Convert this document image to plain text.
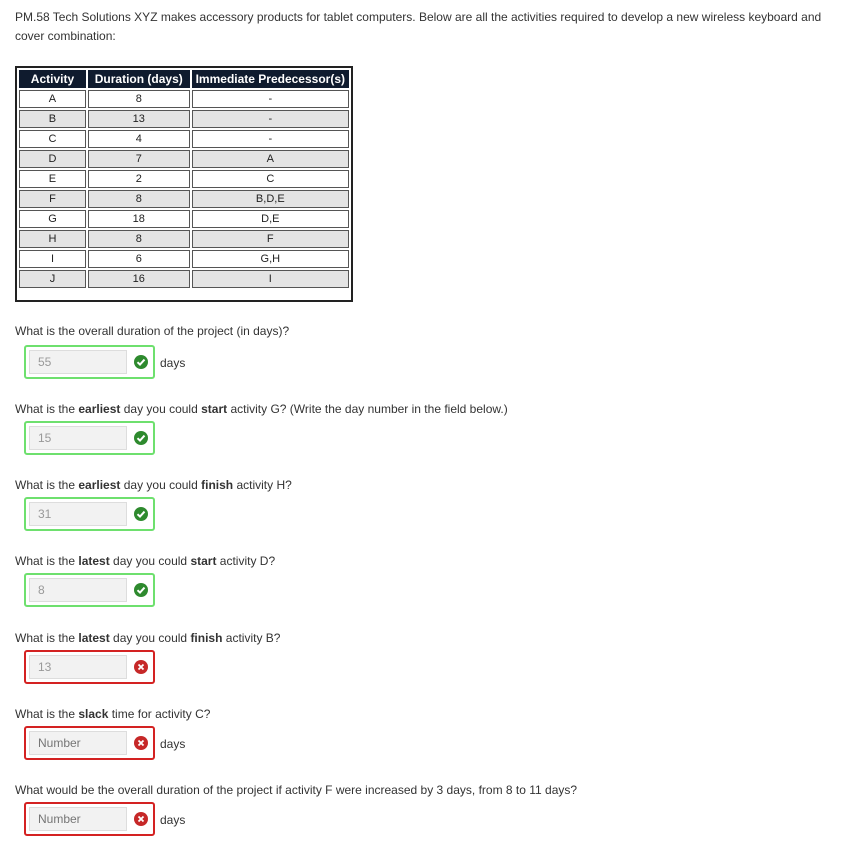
PM.58 Tech Solutions XYZ makes accessory products for tablet computers. Below are all the activities required to develop a new wireless keyboard and cover combination:
Activity	Duration (days)	Immediate Predecessor(s)
A	8	-
B	13	-
C	4	-
D	7	A
E	2	C
F	8	B,D,E
G	18	D,E
H	8	F
I	6	G,H
J	16	I
What is the overall duration of the project (in days)?
55
days
What is the earliest day you could start activity G? (Write the day number in the field below.)
15
What is the earliest day you could finish activity H?
31
What is the latest day you could start activity D?
8
What is the latest day you could finish activity B?
13
What is the slack time for activity C?
Number
days
What would be the overall duration of the project if activity F were increased by 3 days, from 8 to 11 days?
Number
days
